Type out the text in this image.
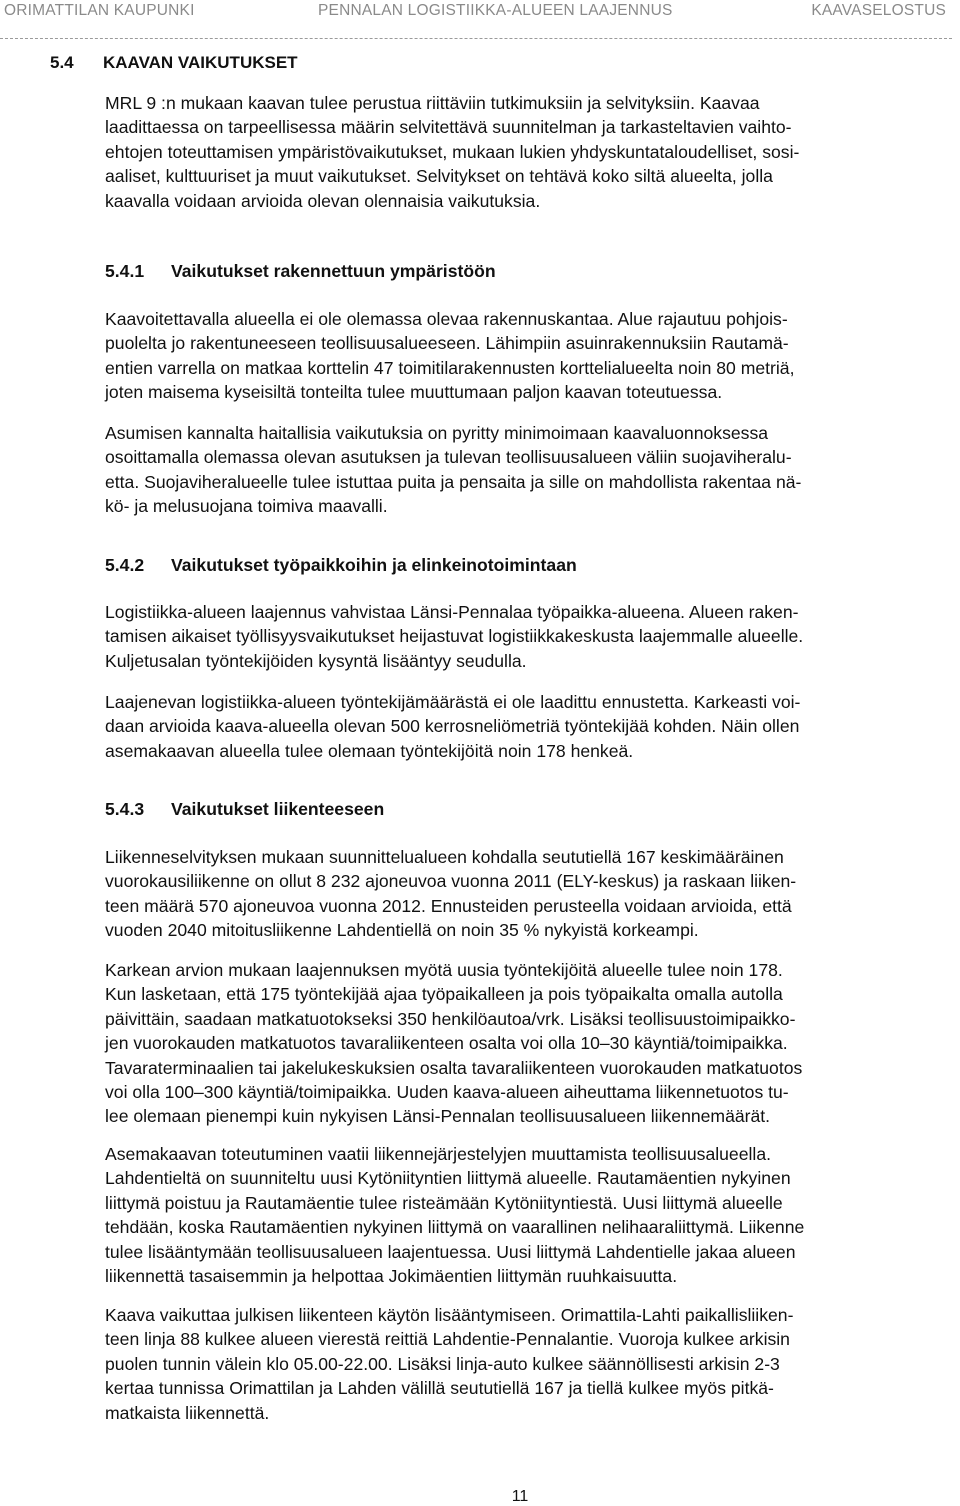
ORIMATTILAN KAUPUNKI	PENNALAN LOGISTIIKKA-ALUEEN LAAJENNUS	KAAVASELOSTUS
5.4 KAAVAN VAIKUTUKSET

MRL 9 :n mukaan kaavan tulee perustua riittäviin tutkimuksiin ja selvityksiin. Kaavaa
laadittaessa on tarpeellisessa määrin selvitettävä suunnitelman ja tarkasteltavien vaihto-
ehtojen toteuttamisen ympäristövaikutukset, mukaan lukien yhdyskuntataloudelliset, sosi-
aaliset, kulttuuriset ja muut vaikutukset. Selvitykset on tehtävä koko siltä alueelta, jolla
kaavalla voidaan arvioida olevan olennaisia vaikutuksia.

5.4.1 Vaikutukset rakennettuun ympäristöön

Kaavoitettavalla alueella ei ole olemassa olevaa rakennuskantaa. Alue rajautuu pohjois-
puolelta jo rakentuneeseen teollisuusalueeseen. Lähimpiin asuinrakennuksiin Rautamä-
entien varrella on matkaa korttelin 47 toimitilarakennusten korttelialueelta noin 80 metriä,
joten maisema kyseisiltä tonteilta tulee muuttumaan paljon kaavan toteutuessa.

Asumisen kannalta haitallisia vaikutuksia on pyritty minimoimaan kaavaluonnoksessa
osoittamalla olemassa olevan asutuksen ja tulevan teollisuusalueen väliin suojaviheralu-
etta. Suojaviheralueelle tulee istuttaa puita ja pensaita ja sille on mahdollista rakentaa nä-
kö- ja melusuojana toimiva maavalli.

5.4.2 Vaikutukset työpaikkoihin ja elinkeinotoimintaan

Logistiikka-alueen laajennus vahvistaa Länsi-Pennalaa työpaikka-alueena. Alueen raken-
tamisen aikaiset työllisyysvaikutukset heijastuvat logistiikkakeskusta laajemmalle alueelle.
Kuljetusalan työntekijöiden kysyntä lisääntyy seudulla.

Laajenevan logistiikka-alueen työntekijämäärästä ei ole laadittu ennustetta. Karkeasti voi-
daan arvioida kaava-alueella olevan 500 kerrosneliömetriä työntekijää kohden. Näin ollen
asemakaavan alueella tulee olemaan työntekijöitä noin 178 henkeä.

5.4.3 Vaikutukset liikenteeseen

Liikenneselvityksen mukaan suunnittelualueen kohdalla seututiellä 167 keskimääräinen
vuorokausiliikenne on ollut 8 232 ajoneuvoa vuonna 2011 (ELY-keskus) ja raskaan liiken-
teen määrä 570 ajoneuvoa vuonna 2012. Ennusteiden perusteella voidaan arvioida, että
vuoden 2040 mitoitusliikenne Lahdentiellä on noin 35 % nykyistä korkeampi.

Karkean arvion mukaan laajennuksen myötä uusia työntekijöitä alueelle tulee noin 178.
Kun lasketaan, että 175 työntekijää ajaa työpaikalleen ja pois työpaikalta omalla autolla
päivittäin, saadaan matkatuotokseksi 350 henkilöautoa/vrk. Lisäksi teollisuustoimipaikko-
jen vuorokauden matkatuotos tavaraliikenteen osalta voi olla 10–30 käyntiä/toimipaikka.
Tavaraterminaalien tai jakelukeskuksien osalta tavaraliikenteen vuorokauden matkatuotos
voi olla 100–300 käyntiä/toimipaikka. Uuden kaava-alueen aiheuttama liikennetuotos tu-
lee olemaan pienempi kuin nykyisen Länsi-Pennalan teollisuusalueen liikennemäärät.

Asemakaavan toteutuminen vaatii liikennejärjestelyjen muuttamista teollisuusalueella.
Lahdentieltä on suunniteltu uusi Kytöniityntien liittymä alueelle. Rautamäentien nykyinen
liittymä poistuu ja Rautamäentie tulee risteämään Kytöniityntiestä. Uusi liittymä alueelle
tehdään, koska Rautamäentien nykyinen liittymä on vaarallinen nelihaaraliittymä. Liikenne
tulee lisääntymään teollisuusalueen laajentuessa. Uusi liittymä Lahdentielle jakaa alueen
liikennettä tasaisemmin ja helpottaa Jokimäentien liittymän ruuhkaisuutta.

Kaava vaikuttaa julkisen liikenteen käytön lisääntymiseen. Orimattila-Lahti paikallisliiken-
teen linja 88 kulkee alueen vierestä reittiä Lahdentie-Pennalantie. Vuoroja kulkee arkisin
puolen tunnin välein klo 05.00-22.00. Lisäksi linja-auto kulkee säännöllisesti arkisin 2-3
kertaa tunnissa Orimattilan ja Lahden välillä seututiellä 167 ja tiellä kulkee myös pitkä-
matkaista liikennettä.

11
